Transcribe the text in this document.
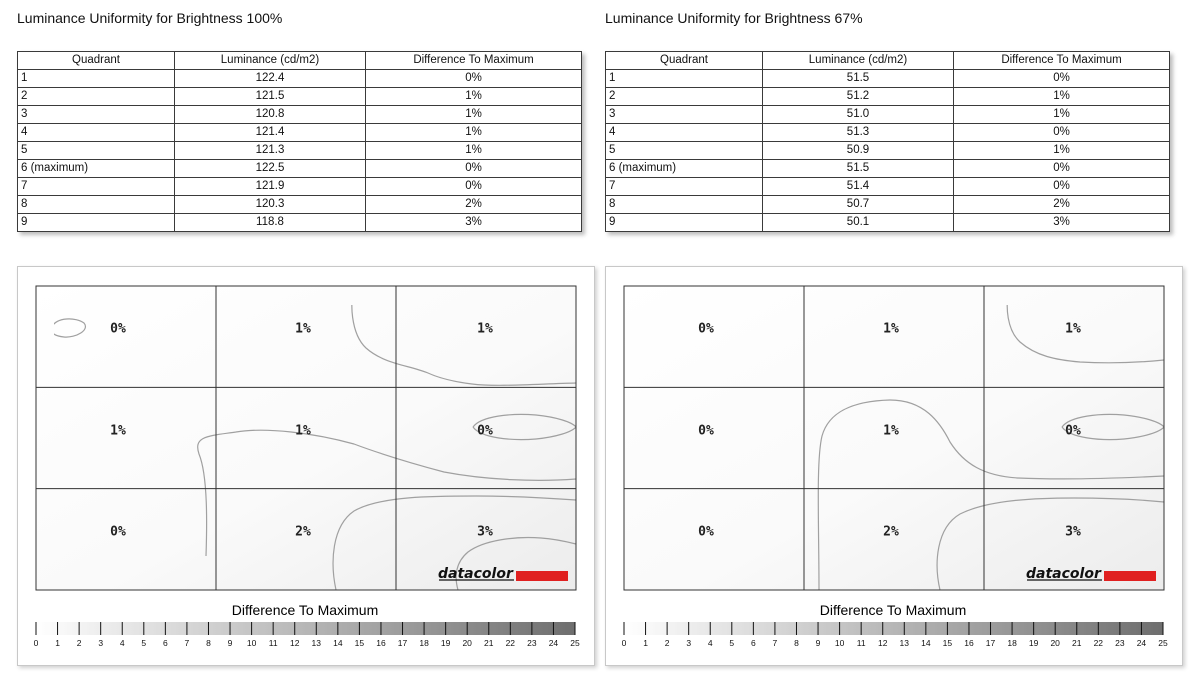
Luminance Uniformity for Brightness 100%
Quadrant	Luminance (cd/m2)	Difference To Maximum
1	122.4	0%
2	121.5	1%
3	120.8	1%
4	121.4	1%
5	121.3	1%
6 (maximum)	122.5	0%
7	121.9	0%
8	120.3	2%
9	118.8	3%
0%	1%	1%
1%	1%	0%
0%	2%	3%
datacolor
Difference To Maximum
0 1 2 3 4 5 6 7 8 9 10 11 12 13 14 15 16 17 18 19 20 21 22 23 24 25
Luminance Uniformity for Brightness 67%
Quadrant	Luminance (cd/m2)	Difference To Maximum
1	51.5	0%
2	51.2	1%
3	51.0	1%
4	51.3	0%
5	50.9	1%
6 (maximum)	51.5	0%
7	51.4	0%
8	50.7	2%
9	50.1	3%
0%	1%	1%
0%	1%	0%
0%	2%	3%
datacolor
Difference To Maximum
0 1 2 3 4 5 6 7 8 9 10 11 12 13 14 15 16 17 18 19 20 21 22 23 24 25
